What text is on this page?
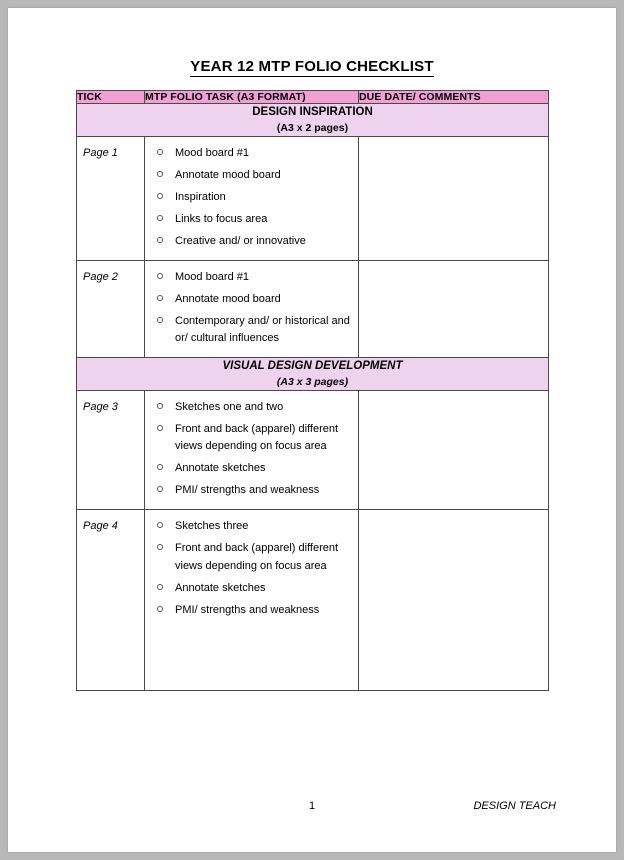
YEAR 12 MTP FOLIO CHECKLIST
TICK	MTP FOLIO TASK (A3 FORMAT)	DUE DATE/ COMMENTS

DESIGN INSPIRATION
(A3 x 2 pages)		

Page 1	Mood board #1
Annotate mood board
Inspiration
Links to focus area
Creative and/ or innovative

Page 2	Mood board #1
Annotate mood board
Contemporary and/ or historical and or/ cultural influences

VISUAL DESIGN DEVELOPMENT
(A3 x 3 pages)		

Page 3	Sketches one and two
Front and back (apparel) different views depending on focus area
Annotate sketches
PMI/ strengths and weakness

Page 4	Sketches three
Front and back (apparel) different views depending on focus area
Annotate sketches
PMI/ strengths and weakness

1	DESIGN TEACH
